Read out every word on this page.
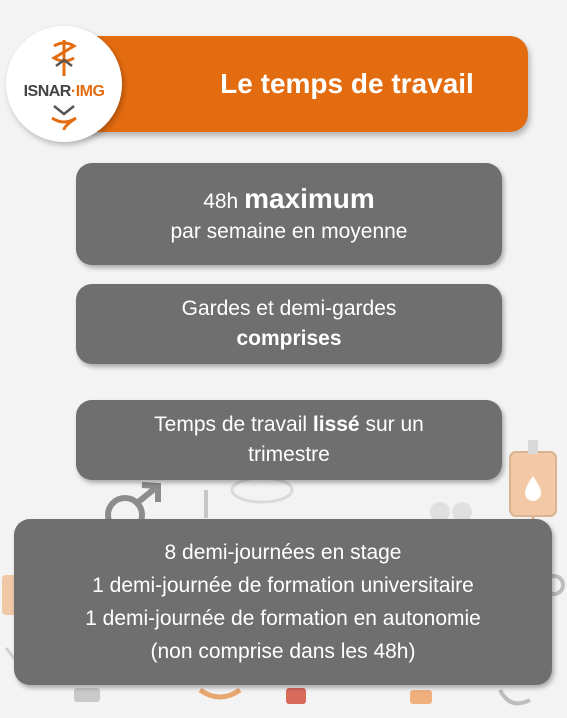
Le temps de travail
ISNAR·IMG
48h maximum
par semaine en moyenne
Gardes et demi-gardes
comprises
Temps de travail lissé sur un
trimestre
8 demi-journées en stage
1 demi-journée de formation universitaire
1 demi-journée de formation en autonomie
(non comprise dans les 48h)
